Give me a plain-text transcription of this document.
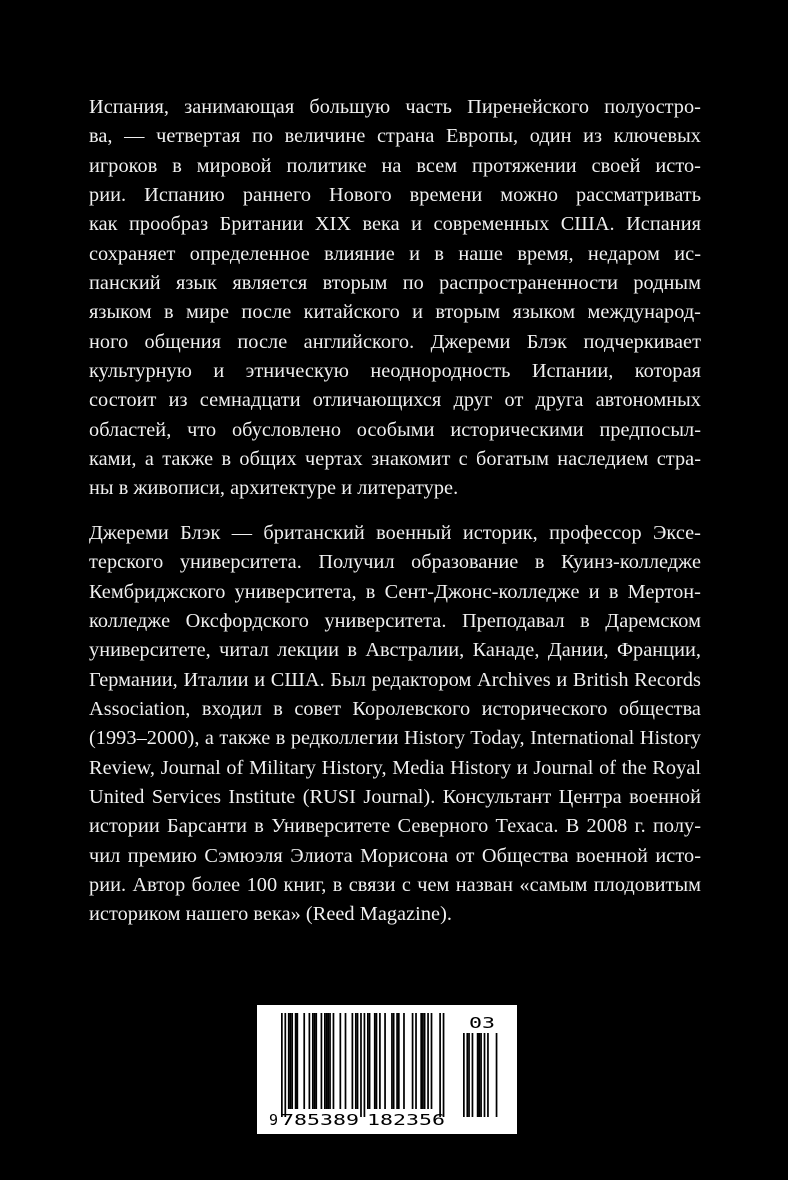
Испания, занимающая большую часть Пиренейского полуостро-
ва, — четвертая по величине страна Европы, один из ключевых
игроков в мировой политике на всем протяжении своей исто-
рии. Испанию раннего Нового времени можно рассматривать
как прообраз Британии XIX века и современных США. Испания
сохраняет определенное влияние и в наше время, недаром ис-
панский язык является вторым по распространенности родным
языком в мире после китайского и вторым языком международ-
ного общения после английского. Джереми Блэк подчеркивает
культурную и этническую неоднородность Испании, которая
состоит из семнадцати отличающихся друг от друга автономных
областей, что обусловлено особыми историческими предпосыл-
ками, а также в общих чертах знакомит с богатым наследием стра-
ны в живописи, архитектуре и литературе.
Джереми Блэк — британский военный историк, профессор Эксе-
терского университета. Получил образование в Куинз-колледже
Кембриджского университета, в Сент-Джонс-колледже и в Мертон-
колледже Оксфордского университета. Преподавал в Даремском
университете, читал лекции в Австралии, Канаде, Дании, Франции,
Германии, Италии и США. Был редактором Archives и British Records
Association, входил в совет Королевского исторического общества
(1993–2000), а также в редколлегии History Today, International History
Review, Journal of Military History, Media History и Journal of the Royal
United Services Institute (RUSI Journal). Консультант Центра военной
истории Барсанти в Университете Северного Техаса. В 2008 г. полу-
чил премию Сэмюэля Элиота Морисона от Общества военной исто-
рии. Автор более 100 книг, в связи с чем назван «самым плодовитым
историком нашего века» (Reed Magazine).
9 785389 182356
03
